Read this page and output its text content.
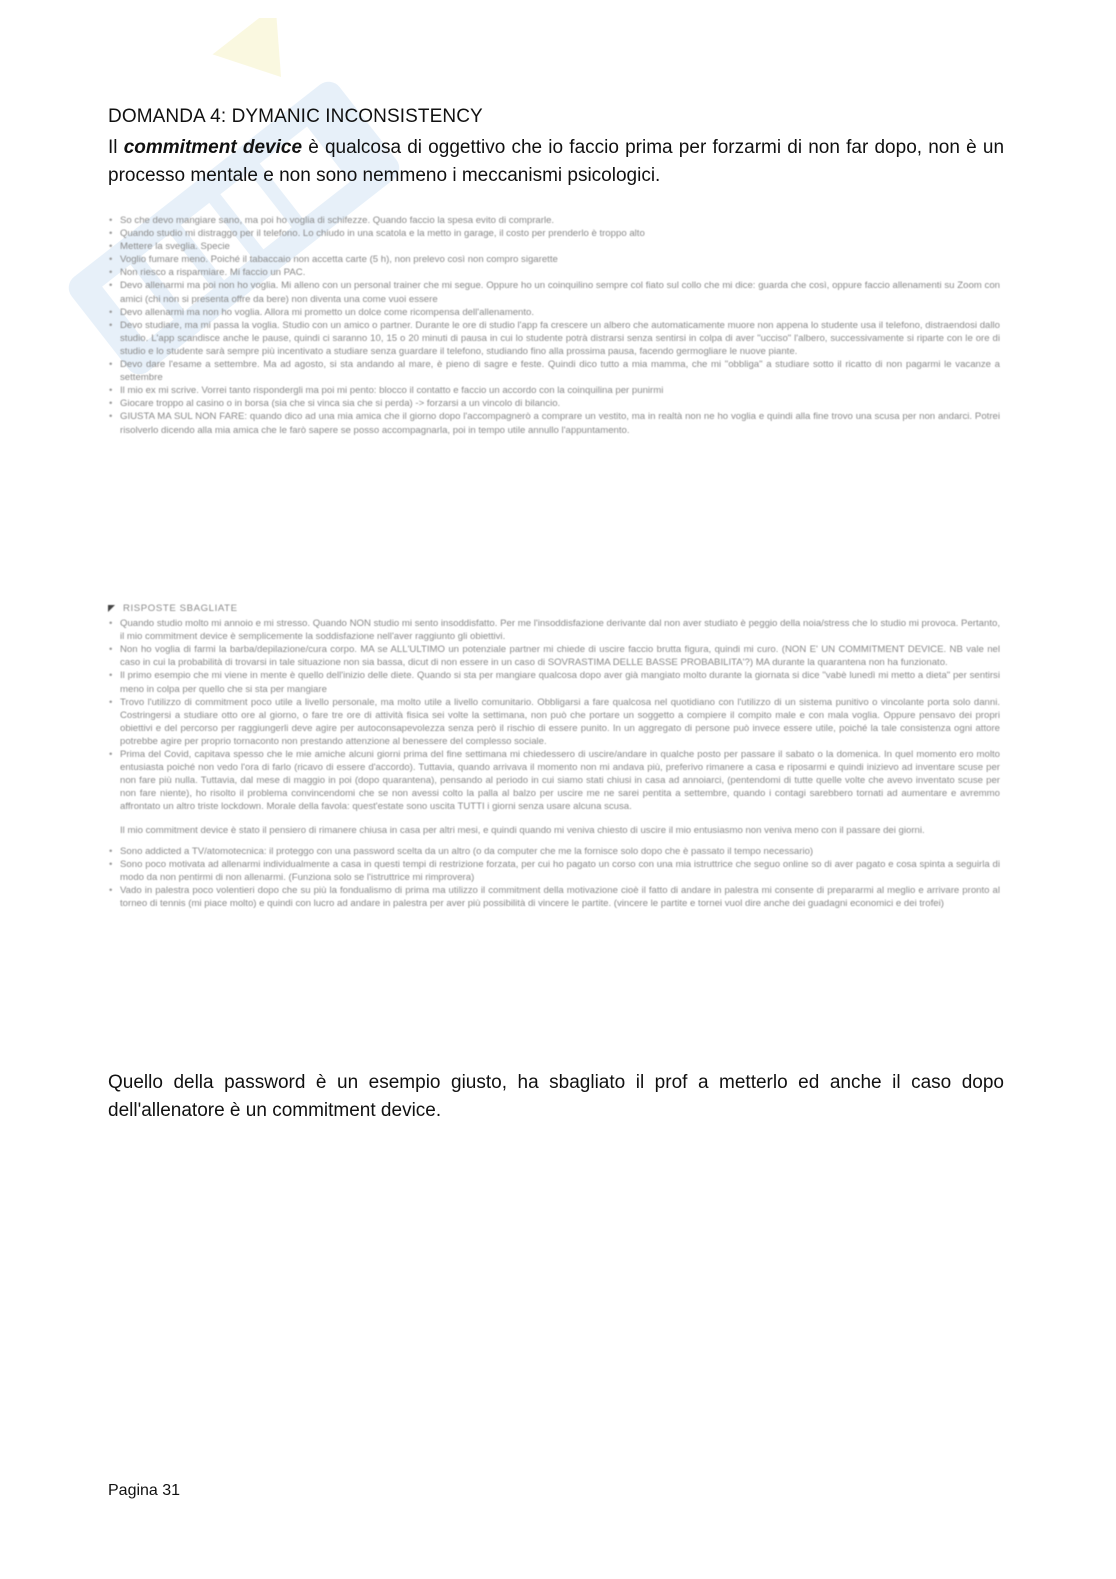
DOMANDA 4: DYMANIC INCONSISTENCY

Il commitment device è qualcosa di oggettivo che io faccio prima per forzarmi di non far dopo, non è un processo mentale e non sono nemmeno i meccanismi psicologici.

• So che devo mangiare sano, ma poi ho voglia di schifezze. Quando faccio la spesa evito di comprarle.
• Quando studio mi distraggo per il telefono. Lo chiudo in una scatola e la metto in garage, il costo per prenderlo è troppo alto
• Mettere la sveglia. Specie
• Voglio fumare meno. Poiché il tabaccaio non accetta carte (5 h), non prelevo così non compro sigarette
• Non riesco a risparmiare. Mi faccio un PAC.
• Devo allenarmi ma poi non ho voglia. Mi alleno con un personal trainer che mi segue. Oppure ho un coinquilino sempre col fiato sul collo che mi dice: guarda che così, oppure faccio allenamenti su Zoom con amici (chi non si presenta offre da bere) non diventa una come vuoi essere
• Devo allenarmi ma non ho voglia. Allora mi prometto un dolce come ricompensa dell'allenamento.
• Devo studiare, ma mi passa la voglia. Studio con un amico o partner. Durante le ore di studio l'app fa crescere un albero che automaticamente muore non appena lo studente usa il telefono, distraendosi dallo studio. L'app scandisce anche le pause, quindi ci saranno 10, 15 o 20 minuti di pausa in cui lo studente potrà distrarsi senza sentirsi in colpa di aver "ucciso" l'albero, successivamente si riparte con le ore di studio e lo studente sarà sempre più incentivato a studiare senza guardare il telefono, studiando fino alla prossima pausa, facendo germogliare le nuove piante.
• Devo dare l'esame a settembre. Ma ad agosto, si sta andando al mare, è pieno di sagre e feste. Quindi dico tutto a mia mamma, che mi "obbliga" a studiare sotto il ricatto di non pagarmi le vacanze a settembre
• Il mio ex mi scrive. Vorrei tanto rispondergli ma poi mi pento: blocco il contatto e faccio un accordo con la coinquilina per punirmi
• Giocare troppo al casino o in borsa (sia che si vinca sia che si perda) -> forzarsi a un vincolo di bilancio.
• GIUSTA MA SUL NON FARE: quando dico ad una mia amica che il giorno dopo l'accompagnerò a comprare un vestito, ma in realtà non ne ho voglia e quindi alla fine trovo una scusa per non andarci. Potrei risolverlo dicendo alla mia amica che le farò sapere se posso accompagnarla, poi in tempo utile annullo l'appuntamento.
RISPOSTE SBAGLIATE
• Quando studio molto mi annoio e mi stresso. Quando NON studio mi sento insoddisfatto. Per me l'insoddisfazione derivante dal non aver studiato è peggio della noia/stress che lo studio mi provoca. Pertanto, il mio commitment device è semplicemente la soddisfazione nell'aver raggiunto gli obiettivi.
• Non ho voglia di farmi la barba/depilazione/cura corpo. MA se ALL'ULTIMO un potenziale partner mi chiede di uscire faccio brutta figura, quindi mi curo. (NON E' UN COMMITMENT DEVICE. NB vale nel caso in cui la probabilità di trovarsi in tale situazione non sia bassa, dicut di non essere in un caso di SOVRASTIMA DELLE BASSE PROBABILITA'?) MA durante la quarantena non ha funzionato.
• Il primo esempio che mi viene in mente è quello dell'inizio delle diete. Quando si sta per mangiare qualcosa dopo aver già mangiato molto durante la giornata si dice "vabè lunedì mi metto a dieta" per sentirsi meno in colpa per quello che si sta per mangiare
• Trovo l'utilizzo di commitment poco utile a livello personale, ma molto utile a livello comunitario. Obbligarsi a fare qualcosa nel quotidiano con l'utilizzo di un sistema punitivo o vincolante porta solo danni. Costringersi a studiare otto ore al giorno, o fare tre ore di attività fisica sei volte la settimana, non può che portare un soggetto a compiere il compito male e con mala voglia. Oppure pensavo dei propri obiettivi e del percorso per raggiungerli deve agire per autoconsapevolezza senza però il rischio di essere punito. In un aggregato di persone può invece essere utile, poiché la tale consistenza ogni attore potrebbe agire per proprio tornaconto non prestando attenzione al benessere del complesso sociale.
• Prima del Covid, capitava spesso che le mie amiche alcuni giorni prima del fine settimana mi chiedessero di uscire/andare in qualche posto per passare il sabato o la domenica. In quel momento ero molto entusiasta poiché non vedo l'ora di farlo (ricavo di essere d'accordo). Tuttavia, quando arrivava il momento non mi andava più, preferivo rimanere a casa e riposarmi e quindi inizievo ad inventare scuse per non fare più nulla. Tuttavia, dal mese di maggio in poi (dopo quarantena), pensando al periodo in cui siamo stati chiusi in casa ad annoiarci, (pentendomi di tutte quelle volte che avevo inventato scuse per non fare niente), ho risolto il problema convincendomi che se non avessi colto la palla al balzo per uscire me ne sarei pentita a settembre, quando i contagi sarebbero tornati ad aumentare e avremmo affrontato un altro triste lockdown. Morale della favola: quest'estate sono uscita TUTTI i giorni senza usare alcuna scusa.
Il mio commitment device è stato il pensiero di rimanere chiusa in casa per altri mesi, e quindi quando mi veniva chiesto di uscire il mio entusiasmo non veniva meno con il passare dei giorni.
• Sono addicted a TV/atomotecnica: il proteggo con una password scelta da un altro (o da computer che me la fornisce solo dopo che è passato il tempo necessario)
• Sono poco motivata ad allenarmi individualmente a casa in questi tempi di restrizione forzata, per cui ho pagato un corso con una mia istruttrice che seguo online so di aver pagato e cosa spinta a seguirla di modo da non pentirmi di non allenarmi. (Funziona solo se l'istruttrice mi rimprovera)
• Vado in palestra poco volentieri dopo che su più la fondualismo di prima ma utilizzo il commitment della motivazione cioè il fatto di andare in palestra mi consente di prepararmi al meglio e arrivare pronto al torneo di tennis (mi piace molto) e quindi con lucro ad andare in palestra per aver più possibilità di vincere le partite. (vincere le partite e tornei vuol dire anche dei guadagni economici e dei trofei)

Quello della password è un esempio giusto, ha sbagliato il prof a metterlo ed anche il caso dopo dell'allenatore è un commitment device.

Pagina 31
